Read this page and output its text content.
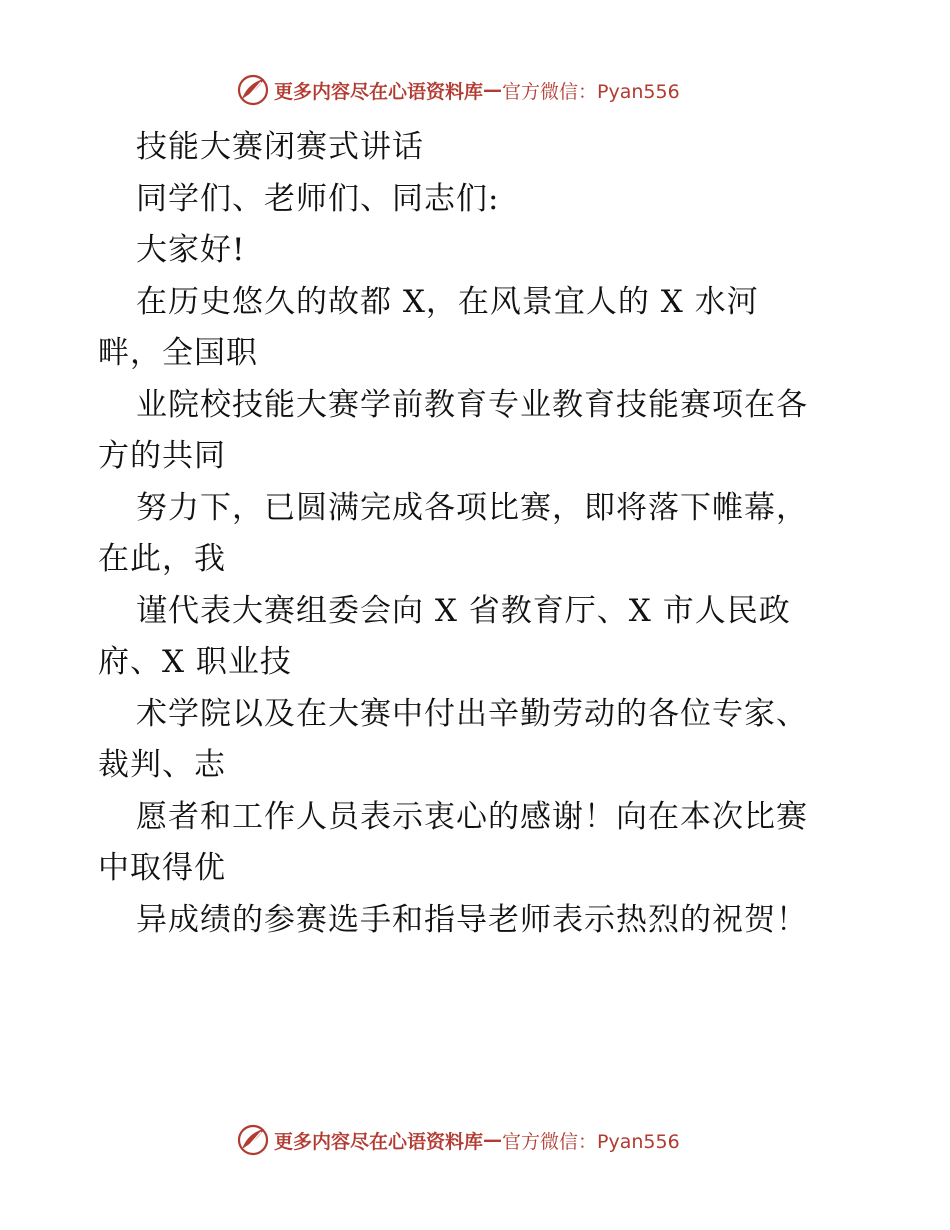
更多内容尽在心语资料库 — 官方微信：Pyan556
技能大赛闭赛式讲话
同学们、老师们、同志们:
大家好!
在历史悠久的故都 X，在风景宜人的 X 水河
畔，全国职
业院校技能大赛学前教育专业教育技能赛项在各
方的共同
努力下，已圆满完成各项比赛，即将落下帷幕，
在此，我
谨代表大赛组委会向 X 省教育厅、X 市人民政
府、X 职业技
术学院以及在大赛中付出辛勤劳动的各位专家、
裁判、志
愿者和工作人员表示衷心的感谢！向在本次比赛
中取得优
异成绩的参赛选手和指导老师表示热烈的祝贺！
更多内容尽在心语资料库 — 官方微信：Pyan556
